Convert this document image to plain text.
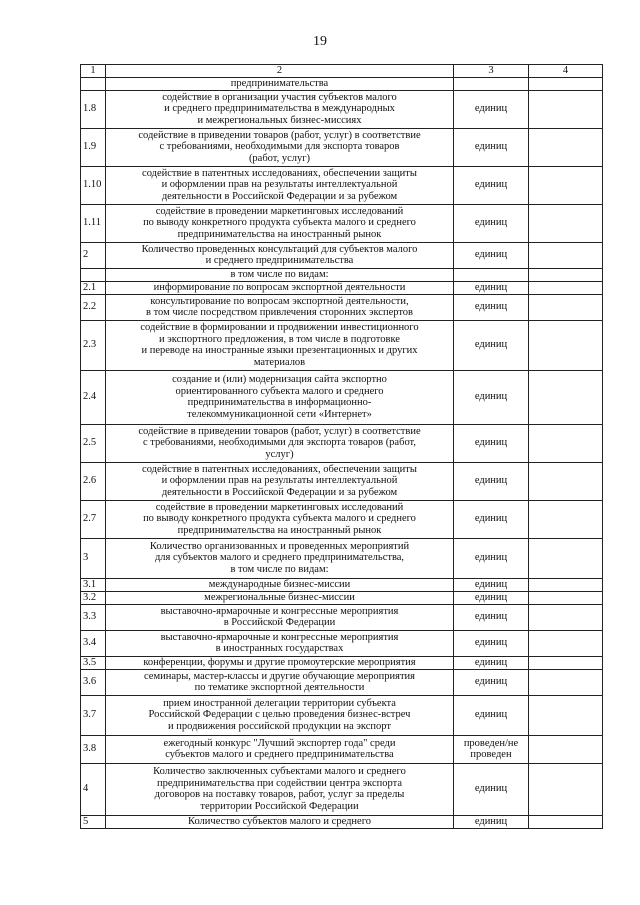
19
1	2	3	4
	предпринимательства		
1.8	содействие в организации участия субъектов малого
и среднего предпринимательства в международных
и межрегиональных бизнес-миссиях	единиц	
1.9	содействие в приведении товаров (работ, услуг) в соответствие
с требованиями, необходимыми для экспорта товаров
(работ, услуг)	единиц	
1.10	содействие в патентных исследованиях, обеспечении защиты
и оформлении прав на результаты интеллектуальной
деятельности в Российской Федерации и за рубежом	единиц	
1.11	содействие в проведении маркетинговых исследований
по выводу конкретного продукта субъекта малого и среднего
предпринимательства на иностранный рынок	единиц	
2	Количество проведенных консультаций для субъектов малого
и среднего предпринимательства	единиц	
	в том числе по видам:		
2.1	информирование по вопросам экспортной деятельности	единиц	
2.2	консультирование по вопросам экспортной деятельности,
в том числе посредством привлечения сторонних экспертов	единиц	
2.3	содействие в формировании и продвижении инвестиционного
и экспортного предложения, в том числе в подготовке
и переводе на иностранные языки презентационных и других
материалов	единиц	
2.4	создание и (или) модернизация сайта экспортно
ориентированного субъекта малого и среднего
предпринимательства в информационно-
телекоммуникационной сети «Интернет»	единиц	
2.5	содействие в приведении товаров (работ, услуг) в соответствие
с требованиями, необходимыми для экспорта товаров (работ,
услуг)	единиц	
2.6	содействие в патентных исследованиях, обеспечении защиты
и оформлении прав на результаты интеллектуальной
деятельности в Российской Федерации и за рубежом	единиц	
2.7	содействие в проведении маркетинговых исследований
по выводу конкретного продукта субъекта малого и среднего
предпринимательства на иностранный рынок	единиц	
3	Количество организованных и проведенных мероприятий
для субъектов малого и среднего предпринимательства,
в том числе по видам:	единиц	
3.1	международные бизнес-миссии	единиц	
3.2	межрегиональные бизнес-миссии	единиц	
3.3	выставочно-ярмарочные и конгрессные мероприятия
в Российской Федерации	единиц	
3.4	выставочно-ярмарочные и конгрессные мероприятия
в иностранных государствах	единиц	
3.5	конференции, форумы и другие промоутерские мероприятия	единиц	
3.6	семинары, мастер-классы и другие обучающие мероприятия
по тематике экспортной деятельности	единиц	
3.7	прием иностранной делегации территории субъекта
Российской Федерации с целью проведения бизнес-встреч
и продвижения российской продукции на экспорт	единиц	
3.8	ежегодный конкурс "Лучший экспортер года" среди
субъектов малого и среднего предпринимательства	проведен/не
проведен	
4	Количество заключенных субъектами малого и среднего
предпринимательства при содействии центра экспорта
договоров на поставку товаров, работ, услуг за пределы
территории Российской Федерации	единиц	
5	Количество субъектов малого и среднего	единиц	
